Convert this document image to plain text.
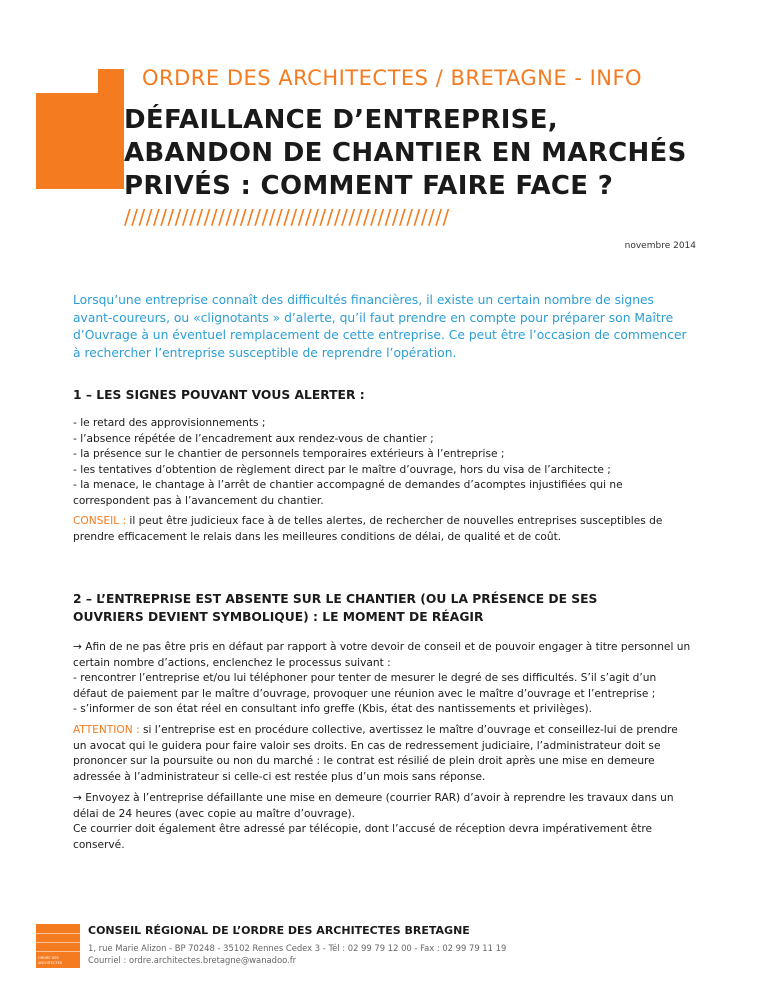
ORDRE DES ARCHITECTES / BRETAGNE - INFO
DÉFAILLANCE D’ENTREPRISE,
ABANDON DE CHANTIER EN MARCHÉS
PRIVÉS : COMMENT FAIRE FACE ?
/////////////////////////////////////////////
novembre 2014
Lorsqu’une entreprise connaît des difficultés financières, il existe un certain nombre de signes avant-coureurs, ou «clignotants » d’alerte, qu’il faut prendre en compte pour préparer son Maître d’Ouvrage à un éventuel remplacement de cette entreprise. Ce peut être l’occasion de commencer à rechercher l’entreprise susceptible de reprendre l’opération.
1 – LES SIGNES POUVANT VOUS ALERTER :

- le retard des approvisionnements ;

- l’absence répétée de l’encadrement aux rendez-vous de chantier ;

- la présence sur le chantier de personnels temporaires extérieurs à l’entreprise ;

- les tentatives d’obtention de règlement direct par le maître d’ouvrage, hors du visa de l’architecte ;

- la menace, le chantage à l’arrêt de chantier accompagné de demandes d’acomptes injustifiées qui ne correspondent pas à l’avancement du chantier.

CONSEIL : il peut être judicieux face à de telles alertes, de rechercher de nouvelles entreprises susceptibles de prendre efficacement le relais dans les meilleures conditions de délai, de qualité et de coût.

2 – L’ENTREPRISE EST ABSENTE SUR LE CHANTIER (OU LA PRÉSENCE DE SES
OUVRIERS DEVIENT SYMBOLIQUE) : LE MOMENT DE RÉAGIR

→ Afin de ne pas être pris en défaut par rapport à votre devoir de conseil et de pouvoir engager à titre personnel un certain nombre d’actions, enclenchez le processus suivant :

- rencontrer l’entreprise et/ou lui téléphoner pour tenter de mesurer le degré de ses difficultés. S’il s’agit d’un défaut de paiement par le maître d’ouvrage, provoquer une réunion avec le maître d’ouvrage et l’entreprise ;

- s’informer de son état réel en consultant info greffe (Kbis, état des nantissements et privilèges).

ATTENTION : si l’entreprise est en procédure collective, avertissez le maître d’ouvrage et conseillez-lui de prendre un avocat qui le guidera pour faire valoir ses droits. En cas de redressement judiciaire, l’administrateur doit se prononcer sur la poursuite ou non du marché : le contrat est résilié de plein droit après une mise en demeure adressée à l’administrateur si celle-ci est restée plus d’un mois sans réponse.

→ Envoyez à l’entreprise défaillante une mise en demeure (courrier RAR) d’avoir à reprendre les travaux dans un délai de 24 heures (avec copie au maître d’ouvrage).

Ce courrier doit également être adressé par télécopie, dont l’accusé de réception devra impérativement être conservé.

ORDRE DES
ARCHITECTES
CONSEIL RÉGIONAL DE L’ORDRE DES ARCHITECTES BRETAGNE
1, rue Marie Alizon - BP 70248 - 35102 Rennes Cedex 3 - Tél : 02 99 79 12 00 - Fax : 02 99 79 11 19
Courriel : ordre.architectes.bretagne@wanadoo.fr
